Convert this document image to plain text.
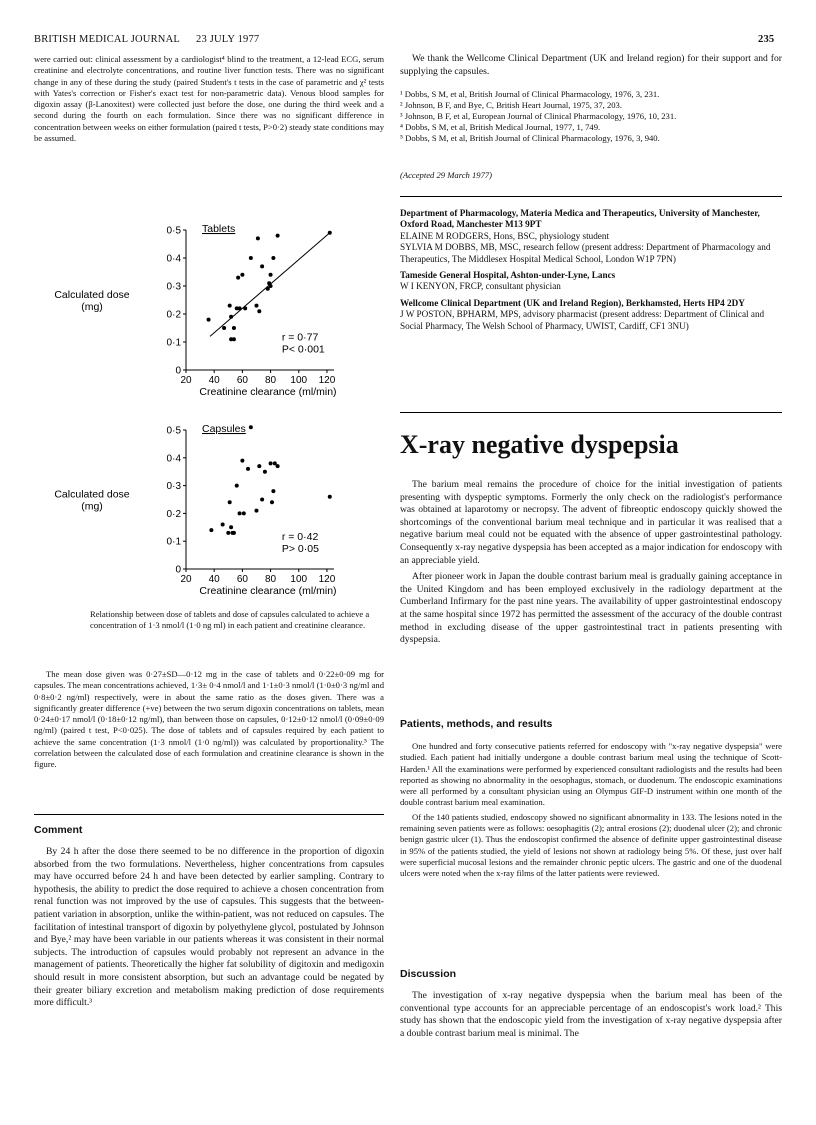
BRITISH MEDICAL JOURNAL 23 JULY 1977	235
were carried out: clinical assessment by a cardiologist⁴ blind to the treatment, a 12-lead ECG, serum creatinine and electrolyte concentrations, and routine liver function tests. There was no significant change in any of these during the study (paired Student's t tests in the case of parametric and χ² tests with Yates's correction or Fisher's exact test for non-parametric data). Venous blood samples for digoxin assay (β-Lanoxitest) were collected just before the dose, one during the third week and a second during the fourth on each formulation. Since there was no significant difference in concentration between weeks on either formulation (paired t tests, P>0·2) steady state conditions may be assumed.
20 40 60 80 100 120
0
0·1
0·2
0·3
0·4
0·5 Tablets
Calculated dose
(mg)
Creatinine clearance (ml/min)
r = 0·77
P< 0·001
20 40 60 80 100 120
0
0·1
0·2
0·3
0·4
0·5 Capsules
Calculated dose
(mg)
Creatinine clearance (ml/min)
r = 0·42
P> 0·05
Relationship between dose of tablets and dose of capsules calculated to achieve a concentration of 1·3 nmol/l (1·0 ng ml) in each patient and creatinine clearance.

The mean dose given was 0·27±SD—0·12 mg in the case of tablets and 0·22±0·09 mg for capsules. The mean concentrations achieved, 1·3± 0·4 nmol/l and 1·1±0·3 nmol/l (1·0±0·3 ng/ml and 0·8±0·2 ng/ml) respectively, were in about the same ratio as the doses given. There was a significantly greater difference (+ve) between the two serum digoxin concentrations on tablets, mean 0·24±0·17 nmol/l (0·18±0·12 ng/ml), than between those on capsules, 0·12±0·12 nmol/l (0·09±0·09 ng/ml) (paired t test, P<0·025). The dose of tablets and of capsules required by each patient to achieve the same concentration (1·3 nmol/l (1·0 ng/ml)) was calculated by proportionality.⁵ The correlation between the calculated dose of each formulation and creatinine clearance is shown in the figure.

Comment

By 24 h after the dose there seemed to be no difference in the proportion of digoxin absorbed from the two formulations. Nevertheless, higher concentrations from capsules may have occurred before 24 h and have been detected by earlier sampling. Contrary to hypothesis, the ability to predict the dose required to achieve a chosen concentration from renal function was not improved by the use of capsules. This suggests that the between-patient variation in absorption, unlike the within-patient, was not reduced on capsules. The facilitation of intestinal transport of digoxin by polyethylene glycol, postulated by Johnson and Bye,² may have been variable in our patients whereas it was consistent in their normal subjects. The introduction of capsules would probably not represent an advance in the management of patients. Theoretically the higher fat solubility of digitoxin and medigoxin should result in more consistent absorption, but such an advantage could be negated by their greater biliary excretion and metabolism making prediction of dose requirements more difficult.³

We thank the Wellcome Clinical Department (UK and Ireland region) for their support and for supplying the capsules.

¹ Dobbs, S M, et al, British Journal of Clinical Pharmacology, 1976, 3, 231.
² Johnson, B F, and Bye, C, British Heart Journal, 1975, 37, 203.
³ Johnson, B F, et al, European Journal of Clinical Pharmacology, 1976, 10, 231.
⁴ Dobbs, S M, et al, British Medical Journal, 1977, 1, 749.
⁵ Dobbs, S M, et al, British Journal of Clinical Pharmacology, 1976, 3, 940.
(Accepted 29 March 1977)
Department of Pharmacology, Materia Medica and Therapeutics, University of Manchester, Oxford Road, Manchester M13 9PT
ELAINE M RODGERS, Hons, BSC, physiology student
SYLVIA M DOBBS, MB, MSC, research fellow (present address: Department of Pharmacology and Therapeutics, The Middlesex Hospital Medical School, London W1P 7PN)
Tameside General Hospital, Ashton-under-Lyne, Lancs
W I KENYON, FRCP, consultant physician
Wellcome Clinical Department (UK and Ireland Region), Berkhamsted, Herts HP4 2DY
J W POSTON, BPHARM, MPS, advisory pharmacist (present address: Department of Clinical and Social Pharmacy, The Welsh School of Pharmacy, UWIST, Cardiff, CF1 3NU)
X-ray negative dyspepsia

The barium meal remains the procedure of choice for the initial investigation of patients presenting with dyspeptic symptoms. Formerly the only check on the radiologist's performance was obtained at laparotomy or necropsy. The advent of fibreoptic endoscopy quickly showed the shortcomings of the conventional barium meal technique and in particular it was realised that a negative barium meal could not be equated with the absence of upper gastrointestinal pathology. Consequently x-ray negative dyspepsia has been accepted as a major indication for endoscopy with an appreciable yield.

After pioneer work in Japan the double contrast barium meal is gradually gaining acceptance in the United Kingdom and has been employed exclusively in the radiology department at the Cumberland Infirmary for the past nine years. The availability of upper gastrointestinal endoscopy at the same hospital since 1972 has permitted the assessment of the accuracy of the double contrast method in excluding disease of the upper gastrointestinal tract in patients presenting with dyspepsia.

Patients, methods, and results

One hundred and forty consecutive patients referred for endoscopy with "x-ray negative dyspepsia" were studied. Each patient had initially undergone a double contrast barium meal using the technique of Scott-Harden.¹ All the examinations were performed by experienced consultant radiologists and the results had been reported as showing no abnormality in the oesophagus, stomach, or duodenum. The endoscopic examinations were all performed by a consultant physician using an Olympus GIF-D instrument within one month of the double contrast barium meal examination.

Of the 140 patients studied, endoscopy showed no significant abnormality in 133. The lesions noted in the remaining seven patients were as follows: oesophagitis (2); antral erosions (2); duodenal ulcer (2); and chronic benign gastric ulcer (1). Thus the endoscopist confirmed the absence of definite upper gastrointestinal disease in 95% of the patients studied, the yield of lesions not shown at radiology being 5%. Of these, just over half were superficial mucosal lesions and the remainder chronic peptic ulcers. The gastric and one of the duodenal ulcers were noted when the x-ray films of the latter patients were reviewed.

Discussion

The investigation of x-ray negative dyspepsia when the barium meal has been of the conventional type accounts for an appreciable percentage of an endoscopist's work load.² This study has shown that the endoscopic yield from the investigation of x-ray negative dyspepsia after a double contrast barium meal is minimal. The
